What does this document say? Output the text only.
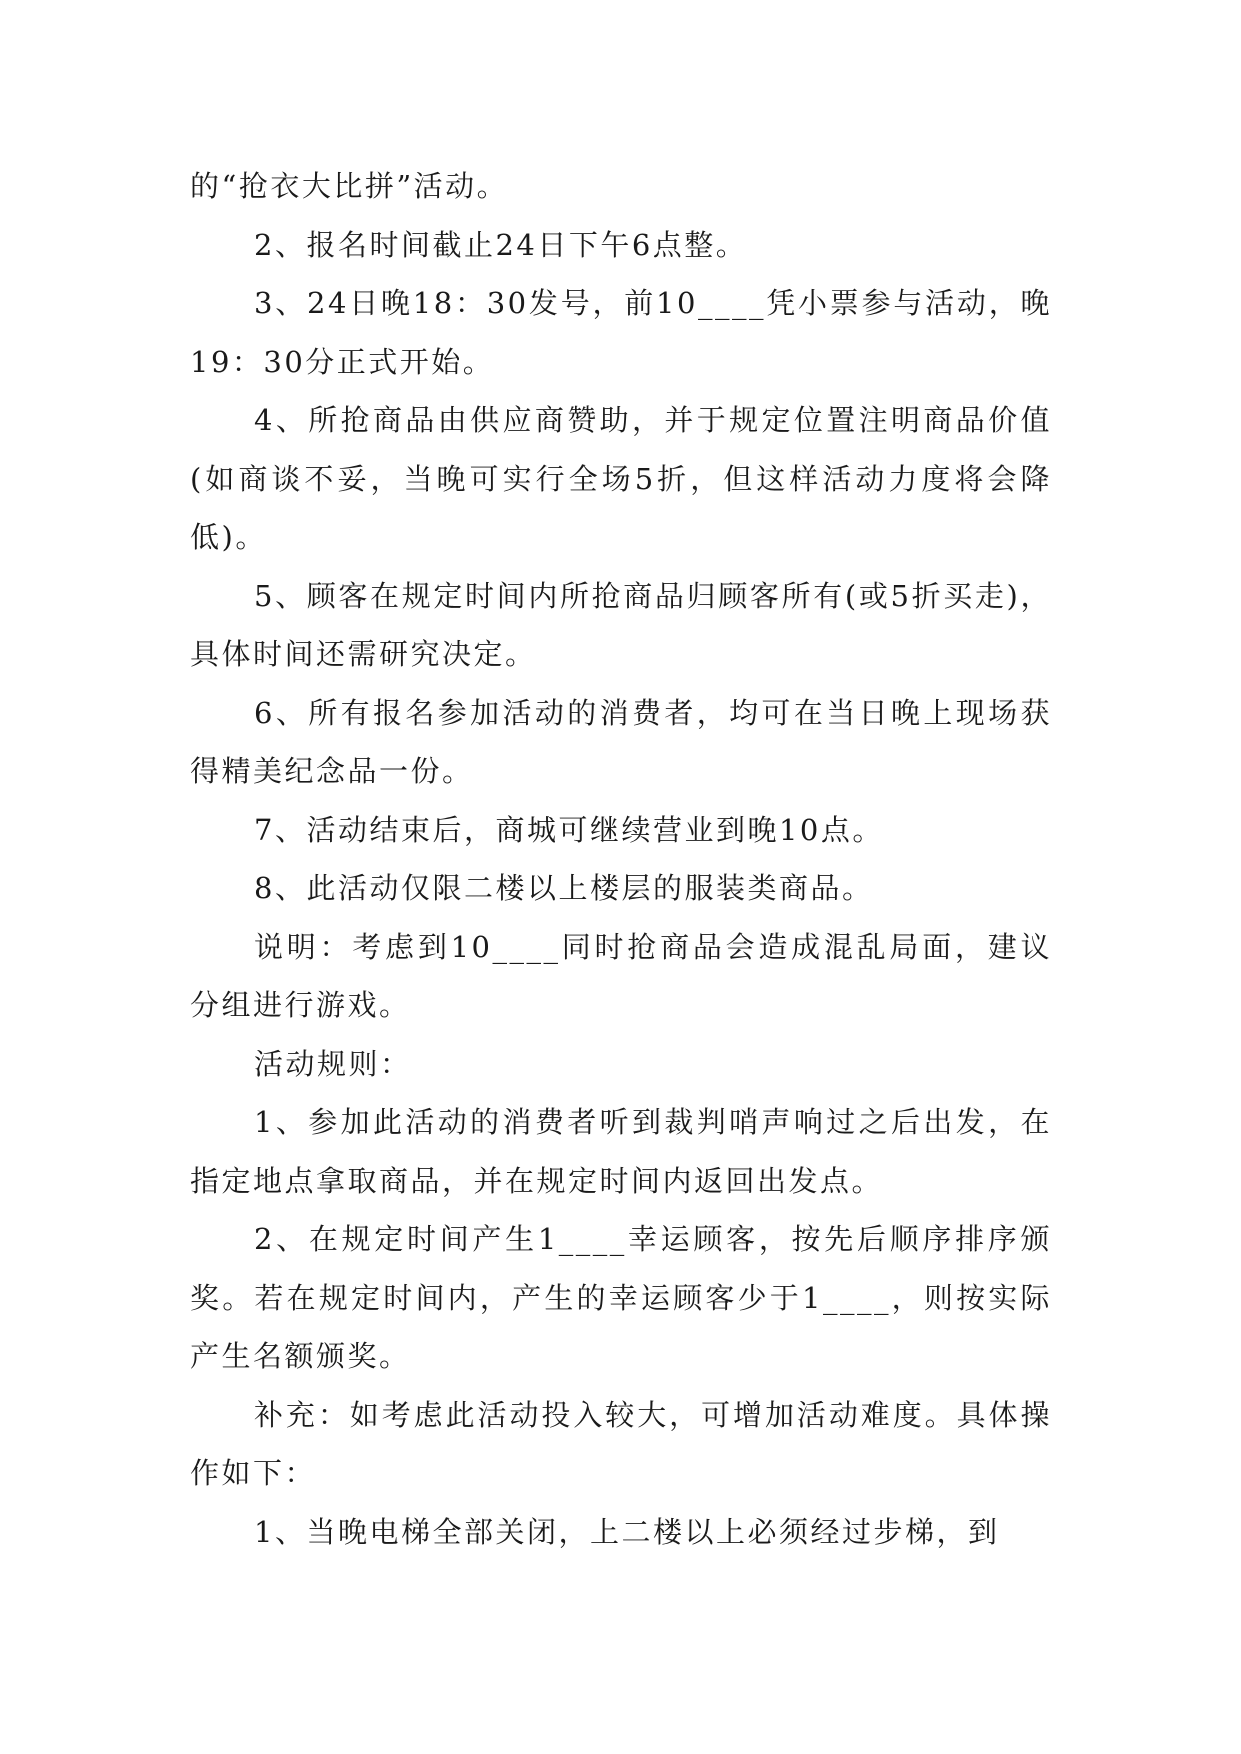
的“抢衣大比拼”活动。

2、报名时间截止24日下午6点整。

3、24日晚18：30发号，前10____凭小票参与活动，晚19：30分正式开始。

4、所抢商品由供应商赞助，并于规定位置注明商品价值(如商谈不妥，当晚可实行全场5折，但这样活动力度将会降低)。

5、顾客在规定时间内所抢商品归顾客所有(或5折买走)，具体时间还需研究决定。

6、所有报名参加活动的消费者，均可在当日晚上现场获得精美纪念品一份。

7、活动结束后，商城可继续营业到晚10点。

8、此活动仅限二楼以上楼层的服装类商品。

说明：考虑到10____同时抢商品会造成混乱局面，建议分组进行游戏。

活动规则：

1、参加此活动的消费者听到裁判哨声响过之后出发，在指定地点拿取商品，并在规定时间内返回出发点。

2、在规定时间产生1____幸运顾客，按先后顺序排序颁奖。若在规定时间内，产生的幸运顾客少于1____，则按实际产生名额颁奖。

补充：如考虑此活动投入较大，可增加活动难度。具体操作如下：

1、当晚电梯全部关闭，上二楼以上必须经过步梯，到
